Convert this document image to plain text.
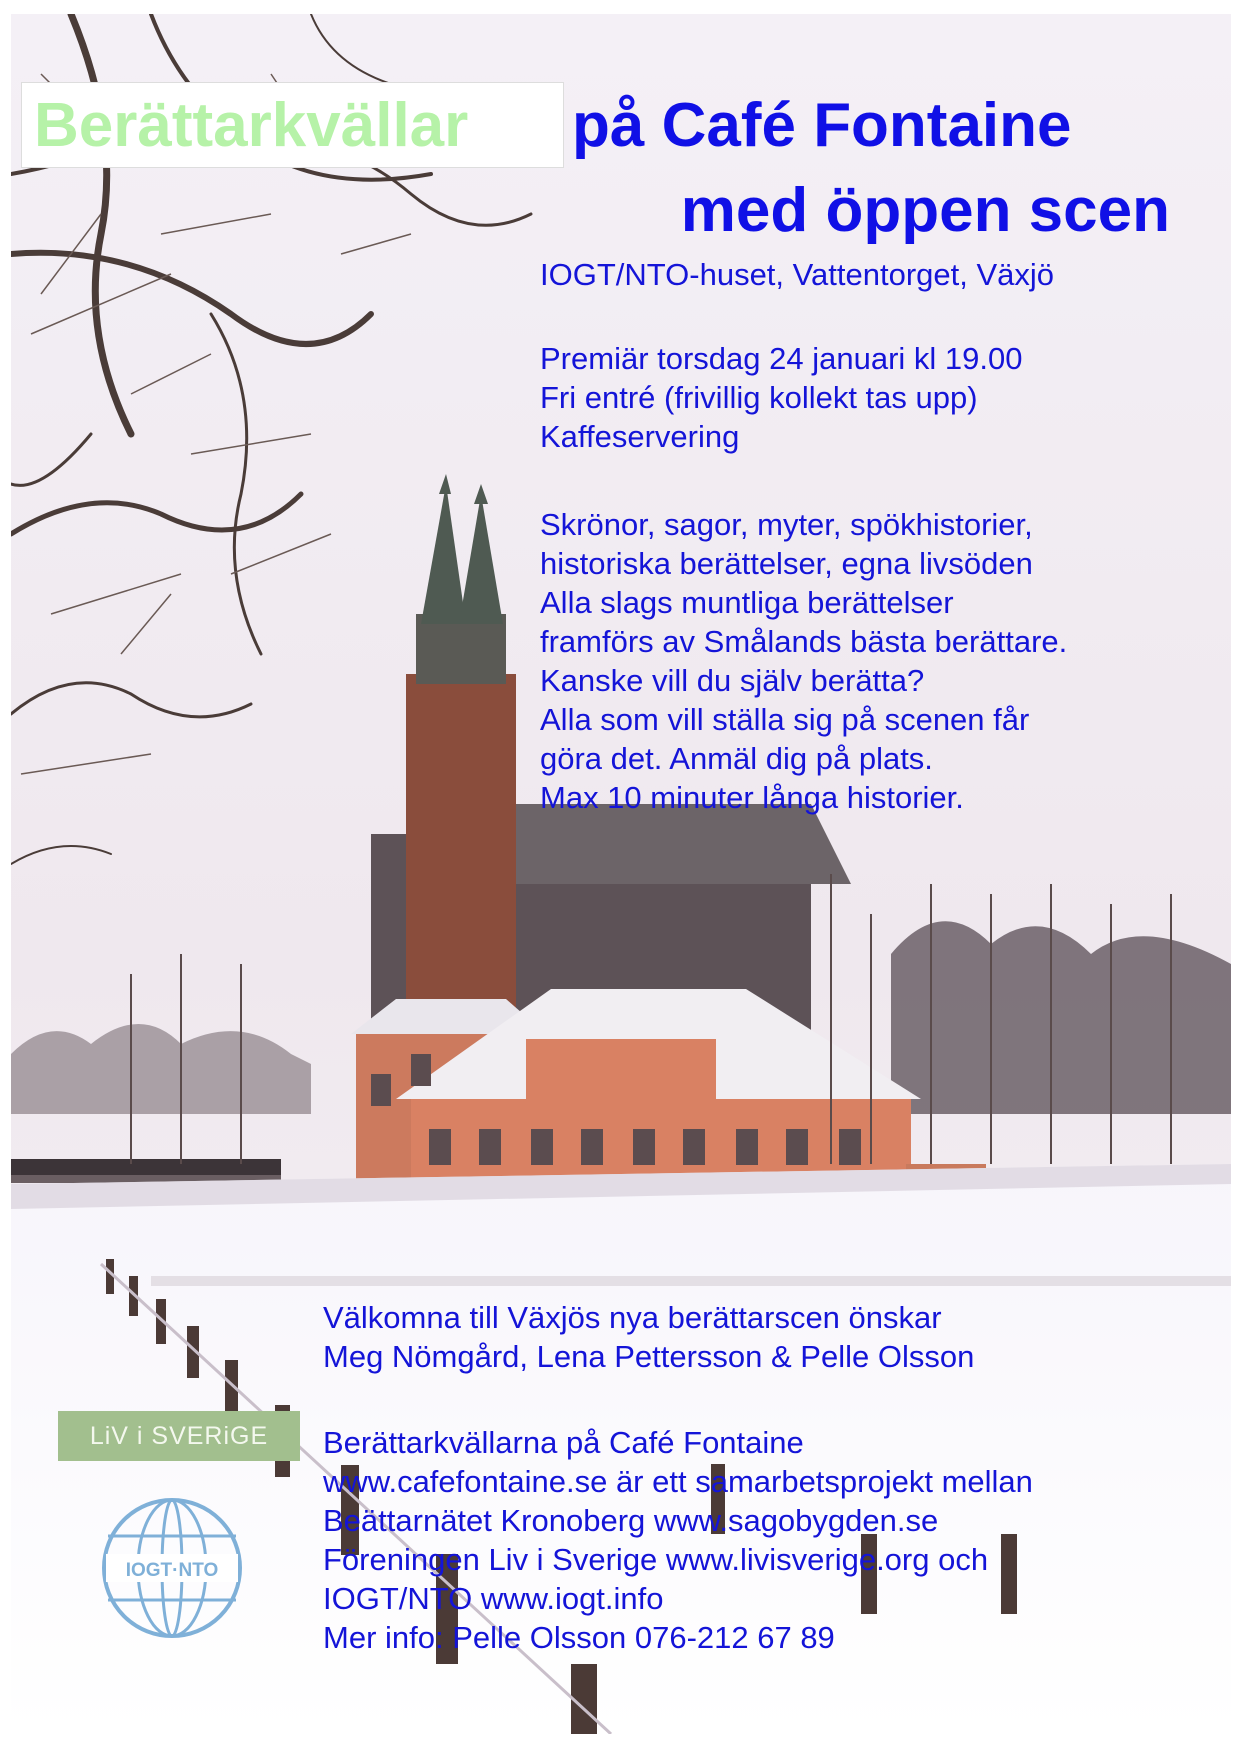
Berättarkvällar på Café Fontaine
med öppen scen
IOGT/NTO-huset, Vattentorget, Växjö
Premiär torsdag 24 januari kl 19.00
Fri entré (frivillig kollekt tas upp)
Kaffeservering
Skrönor, sagor, myter, spökhistorier,
historiska berättelser, egna livsöden
Alla slags muntliga berättelser
framförs av Smålands bästa berättare.
Kanske vill du själv berätta?
Alla som vill ställa sig på scenen får
göra det. Anmäl dig på plats.
Max 10 minuter långa historier.
Välkomna till Växjös nya berättarscen önskar
Meg Nömgård, Lena Pettersson & Pelle Olsson
Berättarkvällarna på Café Fontaine
www.cafefontaine.se är ett samarbetsprojekt mellan
Beättarnätet Kronoberg www.sagobygden.se
Föreningen Liv i Sverige www.livisverige.org och
IOGT/NTO www.iogt.info
Mer info: Pelle Olsson 076-212 67 89
LiV i SVERiGE
IOGT·NTO
